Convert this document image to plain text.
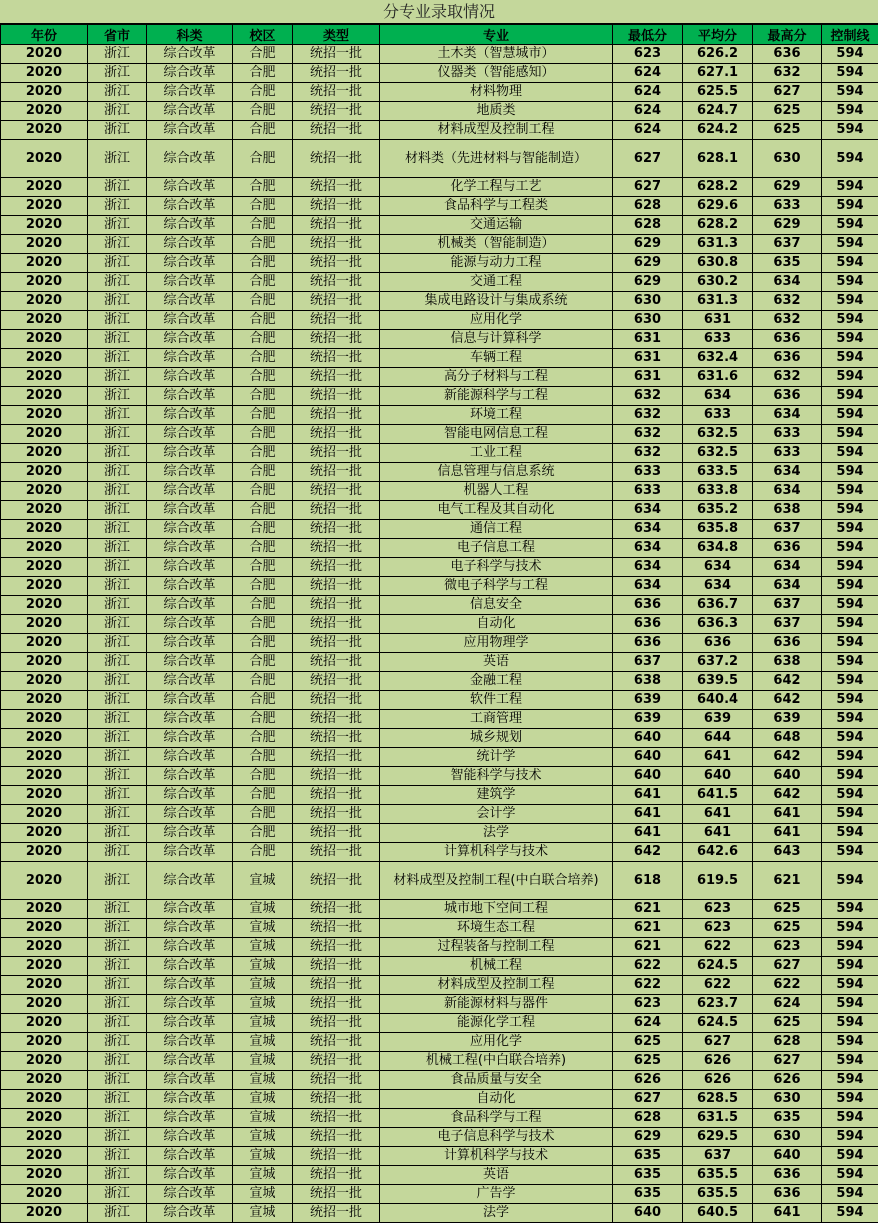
分专业录取情况
年份	省市	科类	校区	类型	专业	最低分	平均分	最高分	控制线
2020	浙江	综合改革	合肥	统招一批	土木类（智慧城市）	623	626.2	636	594
2020	浙江	综合改革	合肥	统招一批	仪器类（智能感知）	624	627.1	632	594
2020	浙江	综合改革	合肥	统招一批	材料物理	624	625.5	627	594
2020	浙江	综合改革	合肥	统招一批	地质类	624	624.7	625	594
2020	浙江	综合改革	合肥	统招一批	材料成型及控制工程	624	624.2	625	594
2020	浙江	综合改革	合肥	统招一批	材料类（先进材料与智能制造）	627	628.1	630	594
2020	浙江	综合改革	合肥	统招一批	化学工程与工艺	627	628.2	629	594
2020	浙江	综合改革	合肥	统招一批	食品科学与工程类	628	629.6	633	594
2020	浙江	综合改革	合肥	统招一批	交通运输	628	628.2	629	594
2020	浙江	综合改革	合肥	统招一批	机械类（智能制造）	629	631.3	637	594
2020	浙江	综合改革	合肥	统招一批	能源与动力工程	629	630.8	635	594
2020	浙江	综合改革	合肥	统招一批	交通工程	629	630.2	634	594
2020	浙江	综合改革	合肥	统招一批	集成电路设计与集成系统	630	631.3	632	594
2020	浙江	综合改革	合肥	统招一批	应用化学	630	631	632	594
2020	浙江	综合改革	合肥	统招一批	信息与计算科学	631	633	636	594
2020	浙江	综合改革	合肥	统招一批	车辆工程	631	632.4	636	594
2020	浙江	综合改革	合肥	统招一批	高分子材料与工程	631	631.6	632	594
2020	浙江	综合改革	合肥	统招一批	新能源科学与工程	632	634	636	594
2020	浙江	综合改革	合肥	统招一批	环境工程	632	633	634	594
2020	浙江	综合改革	合肥	统招一批	智能电网信息工程	632	632.5	633	594
2020	浙江	综合改革	合肥	统招一批	工业工程	632	632.5	633	594
2020	浙江	综合改革	合肥	统招一批	信息管理与信息系统	633	633.5	634	594
2020	浙江	综合改革	合肥	统招一批	机器人工程	633	633.8	634	594
2020	浙江	综合改革	合肥	统招一批	电气工程及其自动化	634	635.2	638	594
2020	浙江	综合改革	合肥	统招一批	通信工程	634	635.8	637	594
2020	浙江	综合改革	合肥	统招一批	电子信息工程	634	634.8	636	594
2020	浙江	综合改革	合肥	统招一批	电子科学与技术	634	634	634	594
2020	浙江	综合改革	合肥	统招一批	微电子科学与工程	634	634	634	594
2020	浙江	综合改革	合肥	统招一批	信息安全	636	636.7	637	594
2020	浙江	综合改革	合肥	统招一批	自动化	636	636.3	637	594
2020	浙江	综合改革	合肥	统招一批	应用物理学	636	636	636	594
2020	浙江	综合改革	合肥	统招一批	英语	637	637.2	638	594
2020	浙江	综合改革	合肥	统招一批	金融工程	638	639.5	642	594
2020	浙江	综合改革	合肥	统招一批	软件工程	639	640.4	642	594
2020	浙江	综合改革	合肥	统招一批	工商管理	639	639	639	594
2020	浙江	综合改革	合肥	统招一批	城乡规划	640	644	648	594
2020	浙江	综合改革	合肥	统招一批	统计学	640	641	642	594
2020	浙江	综合改革	合肥	统招一批	智能科学与技术	640	640	640	594
2020	浙江	综合改革	合肥	统招一批	建筑学	641	641.5	642	594
2020	浙江	综合改革	合肥	统招一批	会计学	641	641	641	594
2020	浙江	综合改革	合肥	统招一批	法学	641	641	641	594
2020	浙江	综合改革	合肥	统招一批	计算机科学与技术	642	642.6	643	594
2020	浙江	综合改革	宣城	统招一批	材料成型及控制工程(中白联合培养)	618	619.5	621	594
2020	浙江	综合改革	宣城	统招一批	城市地下空间工程	621	623	625	594
2020	浙江	综合改革	宣城	统招一批	环境生态工程	621	623	625	594
2020	浙江	综合改革	宣城	统招一批	过程装备与控制工程	621	622	623	594
2020	浙江	综合改革	宣城	统招一批	机械工程	622	624.5	627	594
2020	浙江	综合改革	宣城	统招一批	材料成型及控制工程	622	622	622	594
2020	浙江	综合改革	宣城	统招一批	新能源材料与器件	623	623.7	624	594
2020	浙江	综合改革	宣城	统招一批	能源化学工程	624	624.5	625	594
2020	浙江	综合改革	宣城	统招一批	应用化学	625	627	628	594
2020	浙江	综合改革	宣城	统招一批	机械工程(中白联合培养)	625	626	627	594
2020	浙江	综合改革	宣城	统招一批	食品质量与安全	626	626	626	594
2020	浙江	综合改革	宣城	统招一批	自动化	627	628.5	630	594
2020	浙江	综合改革	宣城	统招一批	食品科学与工程	628	631.5	635	594
2020	浙江	综合改革	宣城	统招一批	电子信息科学与技术	629	629.5	630	594
2020	浙江	综合改革	宣城	统招一批	计算机科学与技术	635	637	640	594
2020	浙江	综合改革	宣城	统招一批	英语	635	635.5	636	594
2020	浙江	综合改革	宣城	统招一批	广告学	635	635.5	636	594
2020	浙江	综合改革	宣城	统招一批	法学	640	640.5	641	594
